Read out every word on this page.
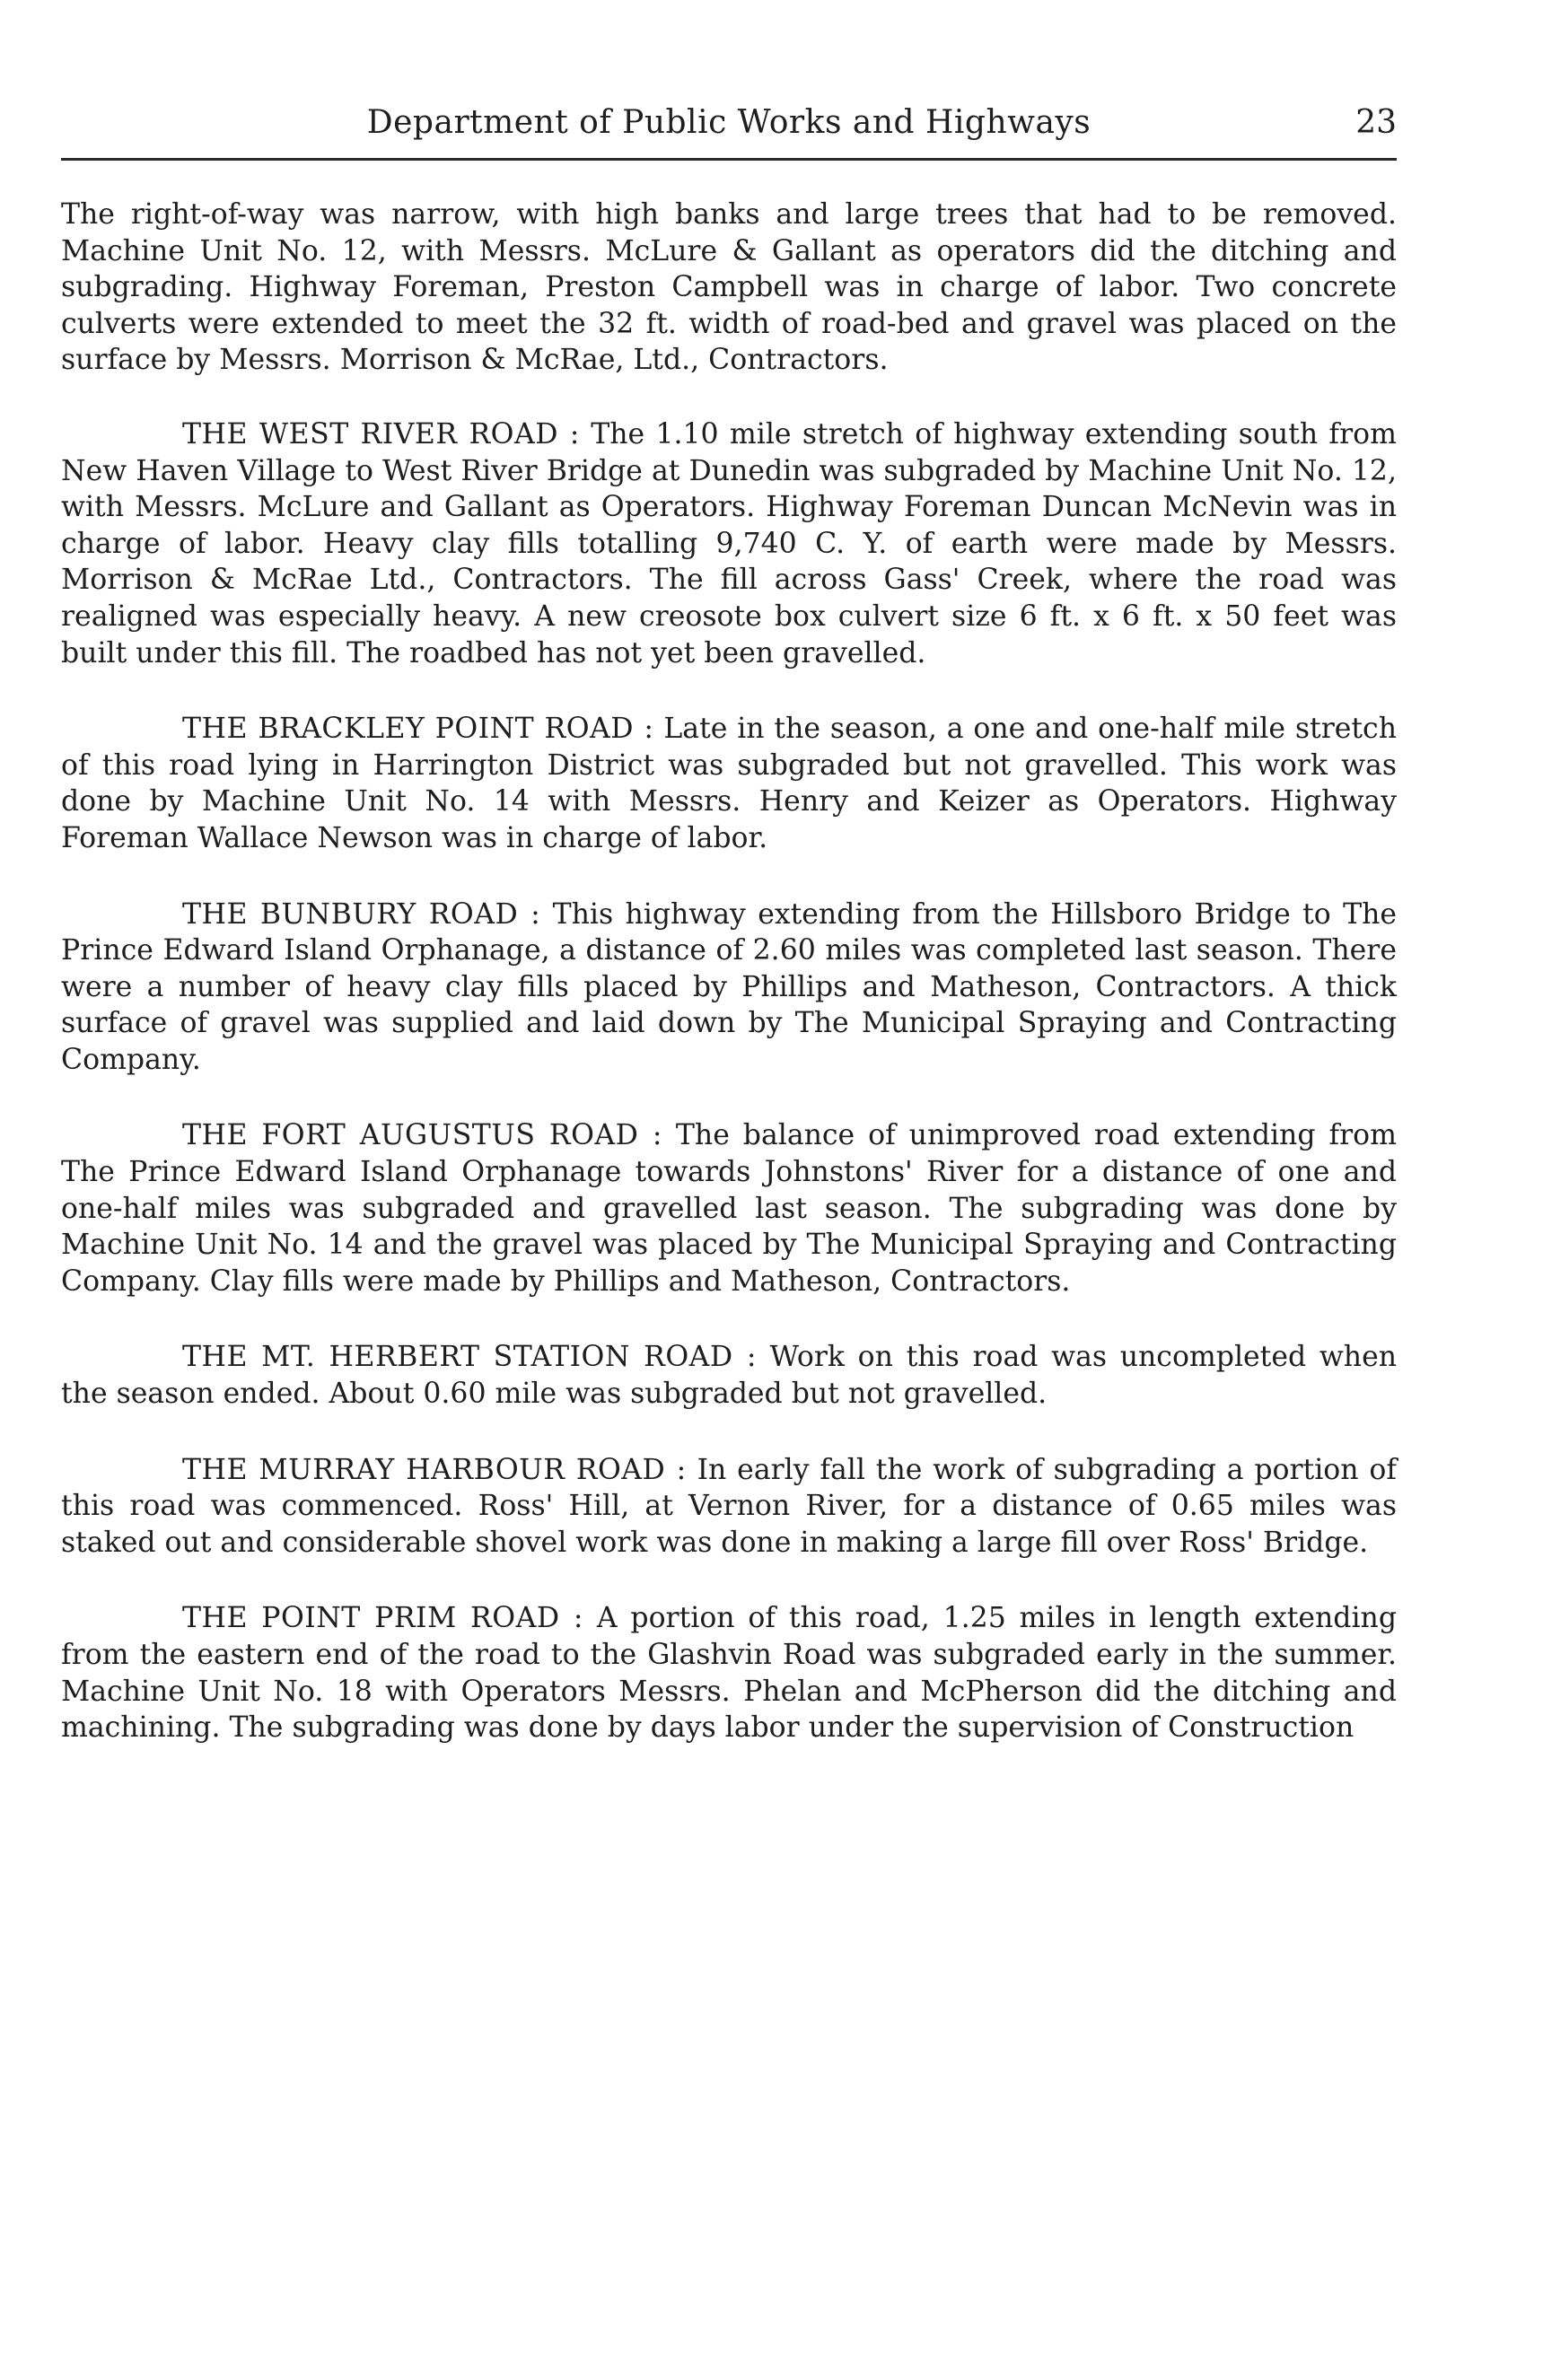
Department of Public Works and Highways	23

The right-of-way was narrow, with high banks and large trees that had to be removed. Machine Unit No. 12, with Messrs. McLure & Gallant as operators did the ditching and subgrading. Highway Foreman, Preston Campbell was in charge of labor. Two concrete culverts were extended to meet the 32 ft. width of road-bed and gravel was placed on the surface by Messrs. Morrison & McRae, Ltd., Contractors.

THE WEST RIVER ROAD : The 1.10 mile stretch of highway extending south from New Haven Village to West River Bridge at Dunedin was subgraded by Machine Unit No. 12, with Messrs. McLure and Gallant as Operators. Highway Foreman Duncan McNevin was in charge of labor. Heavy clay fills totalling 9,740 C. Y. of earth were made by Messrs. Morrison & McRae Ltd., Contractors. The fill across Gass' Creek, where the road was realigned was especially heavy. A new creosote box culvert size 6 ft. x 6 ft. x 50 feet was built under this fill. The roadbed has not yet been gravelled.

THE BRACKLEY POINT ROAD : Late in the season, a one and one-half mile stretch of this road lying in Harrington District was subgraded but not gravelled. This work was done by Machine Unit No. 14 with Messrs. Henry and Keizer as Operators. Highway Foreman Wallace Newson was in charge of labor.

THE BUNBURY ROAD : This highway extending from the Hillsboro Bridge to The Prince Edward Island Orphanage, a distance of 2.60 miles was completed last season. There were a number of heavy clay fills placed by Phillips and Matheson, Contractors. A thick surface of gravel was supplied and laid down by The Municipal Spraying and Contracting Company.

THE FORT AUGUSTUS ROAD : The balance of unimproved road extending from The Prince Edward Island Orphanage towards Johnstons' River for a distance of one and one-half miles was subgraded and gravelled last season. The subgrading was done by Machine Unit No. 14 and the gravel was placed by The Municipal Spraying and Contracting Company. Clay fills were made by Phillips and Matheson, Contractors.

THE MT. HERBERT STATION ROAD : Work on this road was uncompleted when the season ended. About 0.60 mile was subgraded but not gravelled.

THE MURRAY HARBOUR ROAD : In early fall the work of subgrading a portion of this road was commenced. Ross' Hill, at Vernon River, for a distance of 0.65 miles was staked out and considerable shovel work was done in making a large fill over Ross' Bridge.

THE POINT PRIM ROAD : A portion of this road, 1.25 miles in length extending from the eastern end of the road to the Glashvin Road was subgraded early in the summer. Machine Unit No. 18 with Operators Messrs. Phelan and McPherson did the ditching and machining. The subgrading was done by days labor under the supervision of Construction
